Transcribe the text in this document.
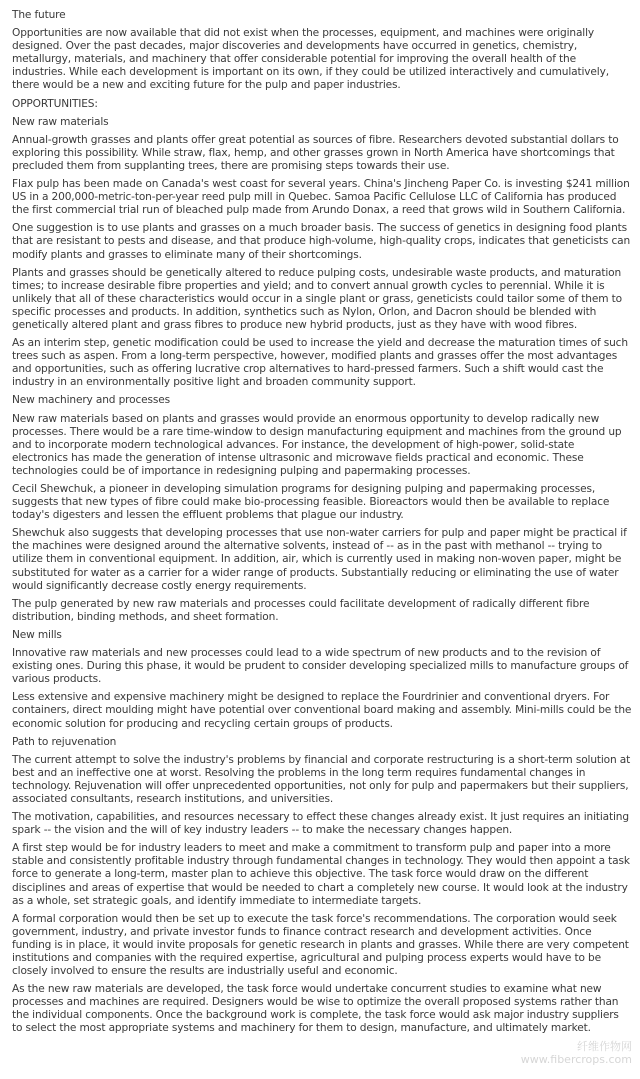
The future

Opportunities are now available that did not exist when the processes, equipment, and machines were originally designed. Over the past decades, major discoveries and developments have occurred in genetics, chemistry, metallurgy, materials, and machinery that offer considerable potential for improving the overall health of the industries. While each development is important on its own, if they could be utilized interactively and cumulatively, there would be a new and exciting future for the pulp and paper industries.

OPPORTUNITIES:
New raw materials

Annual-growth grasses and plants offer great potential as sources of fibre. Researchers devoted substantial dollars to exploring this possibility. While straw, flax, hemp, and other grasses grown in North America have shortcomings that precluded them from supplanting trees, there are promising steps towards their use.

Flax pulp has been made on Canada's west coast for several years. China's Jincheng Paper Co. is investing $241 million US in a 200,000-metric-ton-per-year reed pulp mill in Quebec. Samoa Pacific Cellulose LLC of California has produced the first commercial trial run of bleached pulp made from Arundo Donax, a reed that grows wild in Southern California.

One suggestion is to use plants and grasses on a much broader basis. The success of genetics in designing food plants that are resistant to pests and disease, and that produce high-volume, high-quality crops, indicates that geneticists can modify plants and grasses to eliminate many of their shortcomings.

Plants and grasses should be genetically altered to reduce pulping costs, undesirable waste products, and maturation times; to increase desirable fibre properties and yield; and to convert annual growth cycles to perennial. While it is unlikely that all of these characteristics would occur in a single plant or grass, geneticists could tailor some of them to specific processes and products. In addition, synthetics such as Nylon, Orlon, and Dacron should be blended with genetically altered plant and grass fibres to produce new hybrid products, just as they have with wood fibres.

As an interim step, genetic modification could be used to increase the yield and decrease the maturation times of such trees such as aspen. From a long-term perspective, however, modified plants and grasses offer the most advantages and opportunities, such as offering lucrative crop alternatives to hard-pressed farmers. Such a shift would cast the industry in an environmentally positive light and broaden community support.

New machinery and processes

New raw materials based on plants and grasses would provide an enormous opportunity to develop radically new processes. There would be a rare time-window to design manufacturing equipment and machines from the ground up and to incorporate modern technological advances. For instance, the development of high-power, solid-state electronics has made the generation of intense ultrasonic and microwave fields practical and economic. These technologies could be of importance in redesigning pulping and papermaking processes.

Cecil Shewchuk, a pioneer in developing simulation programs for designing pulping and papermaking processes, suggests that new types of fibre could make bio-processing feasible. Bioreactors would then be available to replace today's digesters and lessen the effluent problems that plague our industry.

Shewchuk also suggests that developing processes that use non-water carriers for pulp and paper might be practical if the machines were designed around the alternative solvents, instead of -- as in the past with methanol -- trying to utilize them in conventional equipment. In addition, air, which is currently used in making non-woven paper, might be substituted for water as a carrier for a wider range of products. Substantially reducing or eliminating the use of water would significantly decrease costly energy requirements.

The pulp generated by new raw materials and processes could facilitate development of radically different fibre distribution, binding methods, and sheet formation.

New mills

Innovative raw materials and new processes could lead to a wide spectrum of new products and to the revision of existing ones. During this phase, it would be prudent to consider developing specialized mills to manufacture groups of various products.

Less extensive and expensive machinery might be designed to replace the Fourdrinier and conventional dryers. For containers, direct moulding might have potential over conventional board making and assembly. Mini-mills could be the economic solution for producing and recycling certain groups of products.

Path to rejuvenation

The current attempt to solve the industry's problems by financial and corporate restructuring is a short-term solution at best and an ineffective one at worst. Resolving the problems in the long term requires fundamental changes in technology. Rejuvenation will offer unprecedented opportunities, not only for pulp and papermakers but their suppliers, associated consultants, research institutions, and universities.

The motivation, capabilities, and resources necessary to effect these changes already exist. It just requires an initiating spark -- the vision and the will of key industry leaders -- to make the necessary changes happen.

A first step would be for industry leaders to meet and make a commitment to transform pulp and paper into a more stable and consistently profitable industry through fundamental changes in technology. They would then appoint a task force to generate a long-term, master plan to achieve this objective. The task force would draw on the different disciplines and areas of expertise that would be needed to chart a completely new course. It would look at the industry as a whole, set strategic goals, and identify immediate to intermediate targets.

A formal corporation would then be set up to execute the task force's recommendations. The corporation would seek government, industry, and private investor funds to finance contract research and development activities. Once funding is in place, it would invite proposals for genetic research in plants and grasses. While there are very competent institutions and companies with the required expertise, agricultural and pulping process experts would have to be closely involved to ensure the results are industrially useful and economic.

As the new raw materials are developed, the task force would undertake concurrent studies to examine what new processes and machines are required. Designers would be wise to optimize the overall proposed systems rather than the individual components. Once the background work is complete, the task force would ask major industry suppliers to select the most appropriate systems and machinery for them to design, manufacture, and ultimately market.

纤维作物网
www.fibercrops.com
